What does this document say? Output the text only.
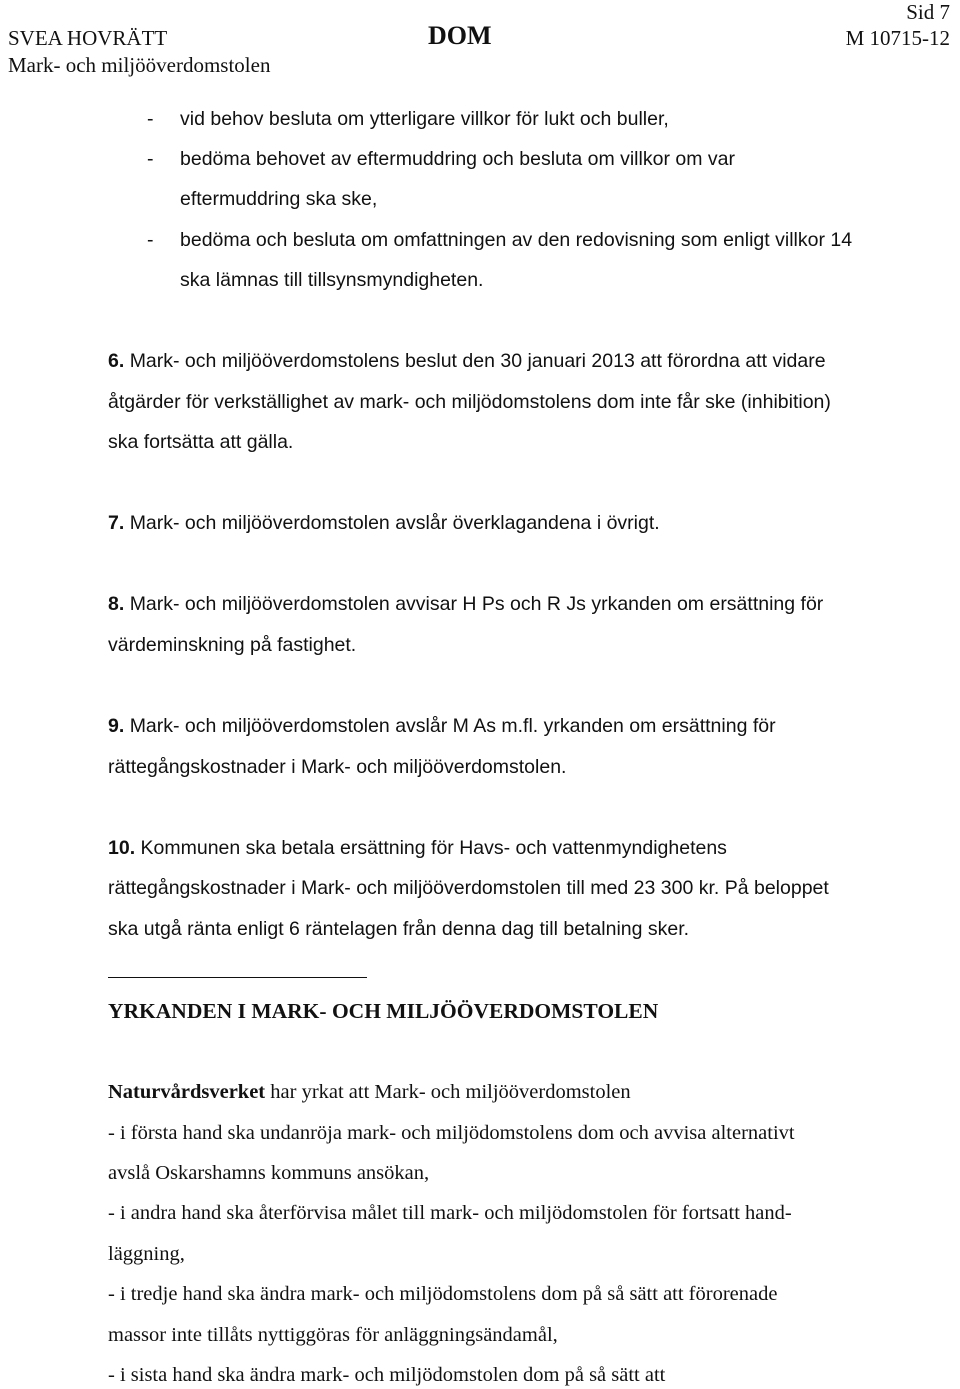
Sid 7
SVEA HOVRÄTT	DOM	M 10715-12
Mark- och miljööverdomstolen
- vid behov besluta om ytterligare villkor för lukt och buller,
- bedöma behovet av eftermuddring och besluta om villkor om var
eftermuddring ska ske,
- bedöma och besluta om omfattningen av den redovisning som enligt villkor 14
ska lämnas till tillsynsmyndigheten.
6. Mark- och miljööverdomstolens beslut den 30 januari 2013 att förordna att vidare
åtgärder för verkställighet av mark- och miljödomstolens dom inte får ske (inhibition)
ska fortsätta att gälla.
7. Mark- och miljööverdomstolen avslår överklagandena i övrigt.
8. Mark- och miljööverdomstolen avvisar H Ps och R Js yrkanden om ersättning för
värdeminskning på fastighet.
9. Mark- och miljööverdomstolen avslår M As m.fl. yrkanden om ersättning för
rättegångskostnader i Mark- och miljööverdomstolen.
10. Kommunen ska betala ersättning för Havs- och vattenmyndighetens
rättegångskostnader i Mark- och miljööverdomstolen till med 23 300 kr. På beloppet
ska utgå ränta enligt 6 räntelagen från denna dag till betalning sker.
YRKANDEN I MARK- OCH MILJÖÖVERDOMSTOLEN
Naturvårdsverket har yrkat att Mark- och miljööverdomstolen
- i första hand ska undanröja mark- och miljödomstolens dom och avvisa alternativt
avslå Oskarshamns kommuns ansökan,
- i andra hand ska återförvisa målet till mark- och miljödomstolen för fortsatt hand-
läggning,
- i tredje hand ska ändra mark- och miljödomstolens dom på så sätt att förorenade
massor inte tillåts nyttiggöras för anläggningsändamål,
- i sista hand ska ändra mark- och miljödomstolen dom på så sätt att
